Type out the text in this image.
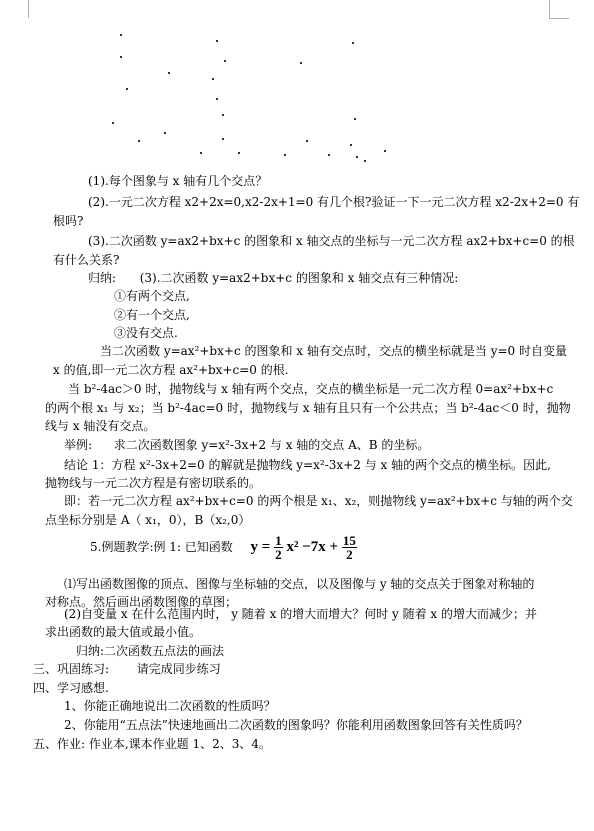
(1).每个图象与 x 轴有几个交点？
(2).一元二次方程 x2+2x=0,x2-2x+1=0 有几个根?验证一下一元二次方程 x2-2x+2=0 有
根吗?
(3).二次函数 y=ax2+bx+c 的图象和 x 轴交点的坐标与一元二次方程 ax2+bx+c=0 的根
有什么关系?
归纳: (3).二次函数 y=ax2+bx+c 的图象和 x 轴交点有三种情况:
①有两个交点,
②有一个交点,
③没有交点.
当二次函数 y=ax²+bx+c 的图象和 x 轴有交点时，交点的横坐标就是当 y=0 时自变量
x 的值,即一元二次方程 ax²+bx+c=0 的根.
当 b²-4ac＞0 时，抛物线与 x 轴有两个交点，交点的横坐标是一元二次方程 0=ax²+bx+c
的两个根 x₁ 与 x₂；当 b²-4ac=0 时，抛物线与 x 轴有且只有一个公共点；当 b²-4ac＜0 时，抛物
线与 x 轴没有交点。
举例: 求二次函数图象 y=x²-3x+2 与 x 轴的交点 A、B 的坐标。
结论 1：方程 x²-3x+2=0 的解就是抛物线 y=x²-3x+2 与 x 轴的两个交点的横坐标。因此,
抛物线与一元二次方程是有密切联系的。
即：若一元二次方程 ax²+bx+c=0 的两个根是 x₁、x₂，则抛物线 y=ax²+bx+c 与轴的两个交
点坐标分别是 A（ x₁，0），B（x₂,0）
5.例题教学:例 1: 已知函数 $y = \frac{1}{2} x^2 -7x + \frac{15}{2}$
⑴写出函数图像的顶点、图像与坐标轴的交点，以及图像与 y 轴的交点关于图象对称轴的
对称点。然后画出函数图像的草图；
(2)自变量 x 在什么范围内时， y 随着 x 的增大而增大？何时 y 随着 x 的增大而减少；并
求出函数的最大值或最小值。
归纳:二次函数五点法的画法
三、巩固练习: 请完成同步练习
四、学习感想.
1、你能正确地说出二次函数的性质吗？
2、你能用“五点法”快速地画出二次函数的图象吗？你能利用函数图象回答有关性质吗？
五、作业: 作业本,课本作业题 1、2、3、4。
